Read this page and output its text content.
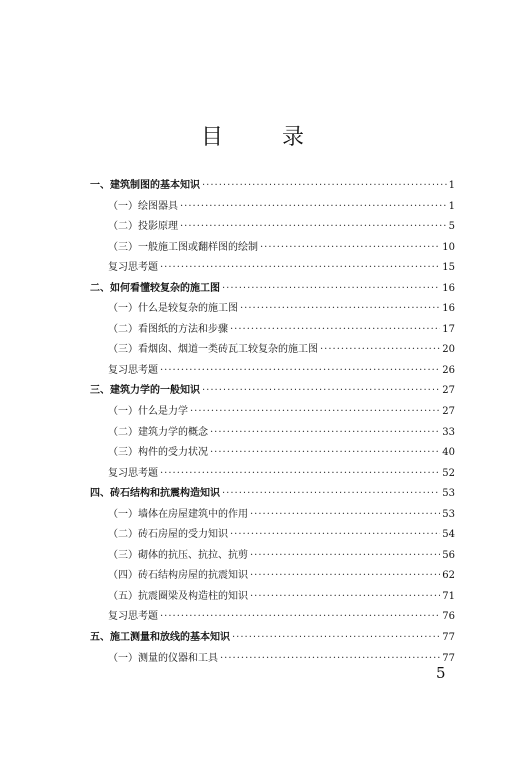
目 录
一、建筑制图的基本知识 ·····	1
（一）绘图器具 ·····	1
（二）投影原理 ·····	5
（三）一般施工图或翻样图的绘制 ·····	10
复习思考题 ·····	15
二、如何看懂较复杂的施工图 ·····	16
（一）什么是较复杂的施工图 ·····	16
（二）看图纸的方法和步骤 ·····	17
（三）看烟囱、烟道一类砖瓦工较复杂的施工图 ·····	20
复习思考题 ·····	26
三、建筑力学的一般知识 ·····	27
（一）什么是力学 ·····	27
（二）建筑力学的概念 ·····	33
（三）构件的受力状况 ·····	40
复习思考题 ·····	52
四、砖石结构和抗震构造知识 ·····	53
（一）墙体在房屋建筑中的作用 ·····	53
（二）砖石房屋的受力知识 ·····	54
（三）砌体的抗压、抗拉、抗剪 ·····	56
（四）砖石结构房屋的抗震知识 ·····	62
（五）抗震圈梁及构造柱的知识 ·····	71
复习思考题 ·····	76
五、施工测量和放线的基本知识 ·····	77
（一）测量的仪器和工具 ·····	77
5
